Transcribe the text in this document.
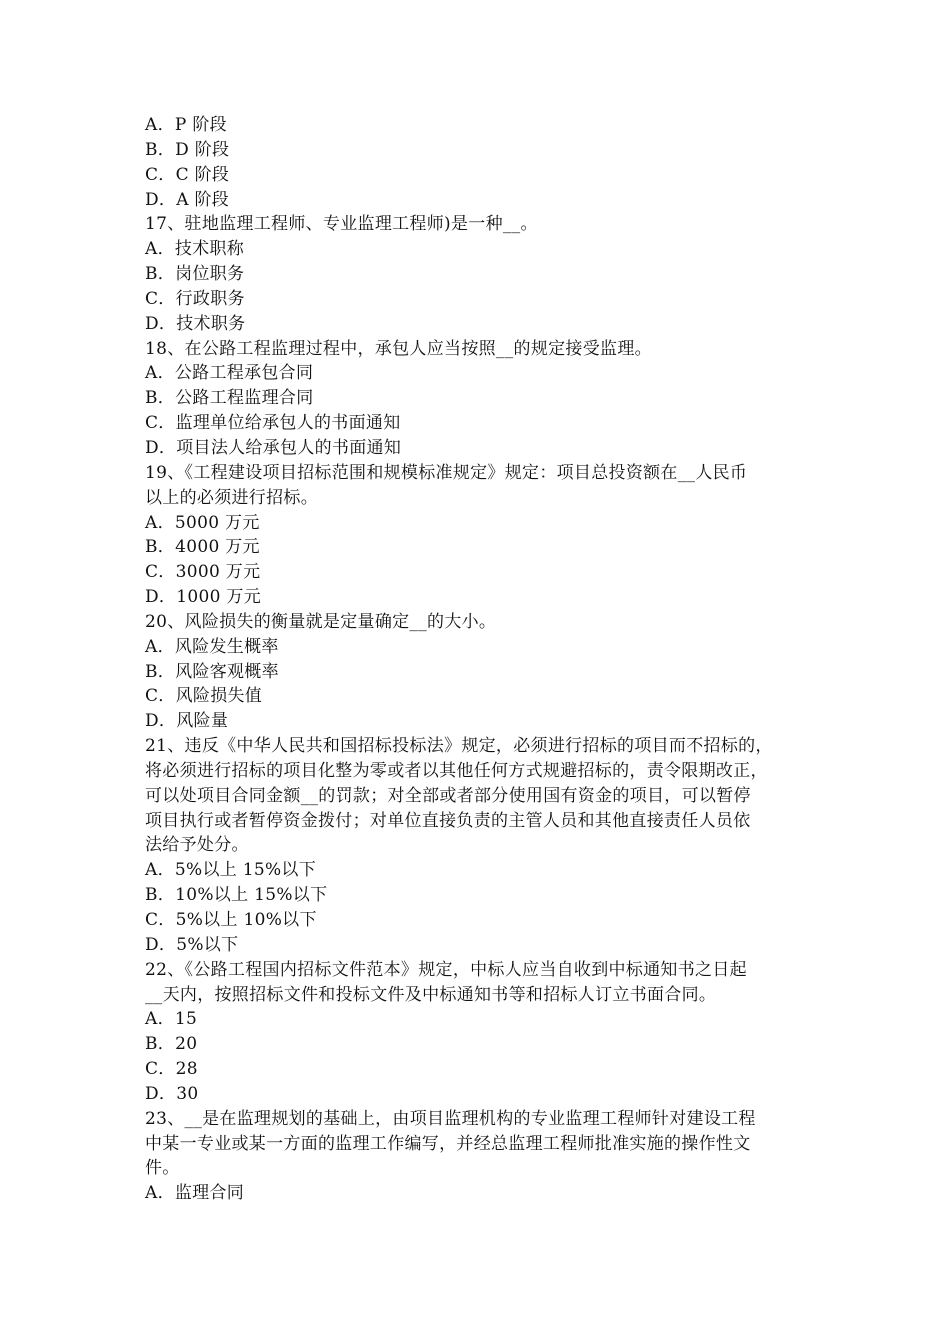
A．P 阶段
B．D 阶段
C．C 阶段
D．A 阶段
17、驻地监理工程师、专业监理工程师)是一种__。
A．技术职称
B．岗位职务
C．行政职务
D．技术职务
18、在公路工程监理过程中，承包人应当按照__的规定接受监理。
A．公路工程承包合同
B．公路工程监理合同
C．监理单位给承包人的书面通知
D．项目法人给承包人的书面通知
19、《工程建设项目招标范围和规模标准规定》规定：项目总投资额在__人民币
以上的必须进行招标。
A．5000 万元
B．4000 万元
C．3000 万元
D．1000 万元
20、风险损失的衡量就是定量确定__的大小。
A．风险发生概率
B．风险客观概率
C．风险损失值
D．风险量
21、违反《中华人民共和国招标投标法》规定，必须进行招标的项目而不招标的，
将必须进行招标的项目化整为零或者以其他任何方式规避招标的，责令限期改正，
可以处项目合同金额__的罚款；对全部或者部分使用国有资金的项目，可以暂停
项目执行或者暂停资金拨付；对单位直接负责的主管人员和其他直接责任人员依
法给予处分。
A．5%以上 15%以下
B．10%以上 15%以下
C．5%以上 10%以下
D．5%以下
22、《公路工程国内招标文件范本》规定，中标人应当自收到中标通知书之日起
__天内，按照招标文件和投标文件及中标通知书等和招标人订立书面合同。
A．15
B．20
C．28
D．30
23、__是在监理规划的基础上，由项目监理机构的专业监理工程师针对建设工程
中某一专业或某一方面的监理工作编写，并经总监理工程师批准实施的操作性文
件。
A．监理合同
